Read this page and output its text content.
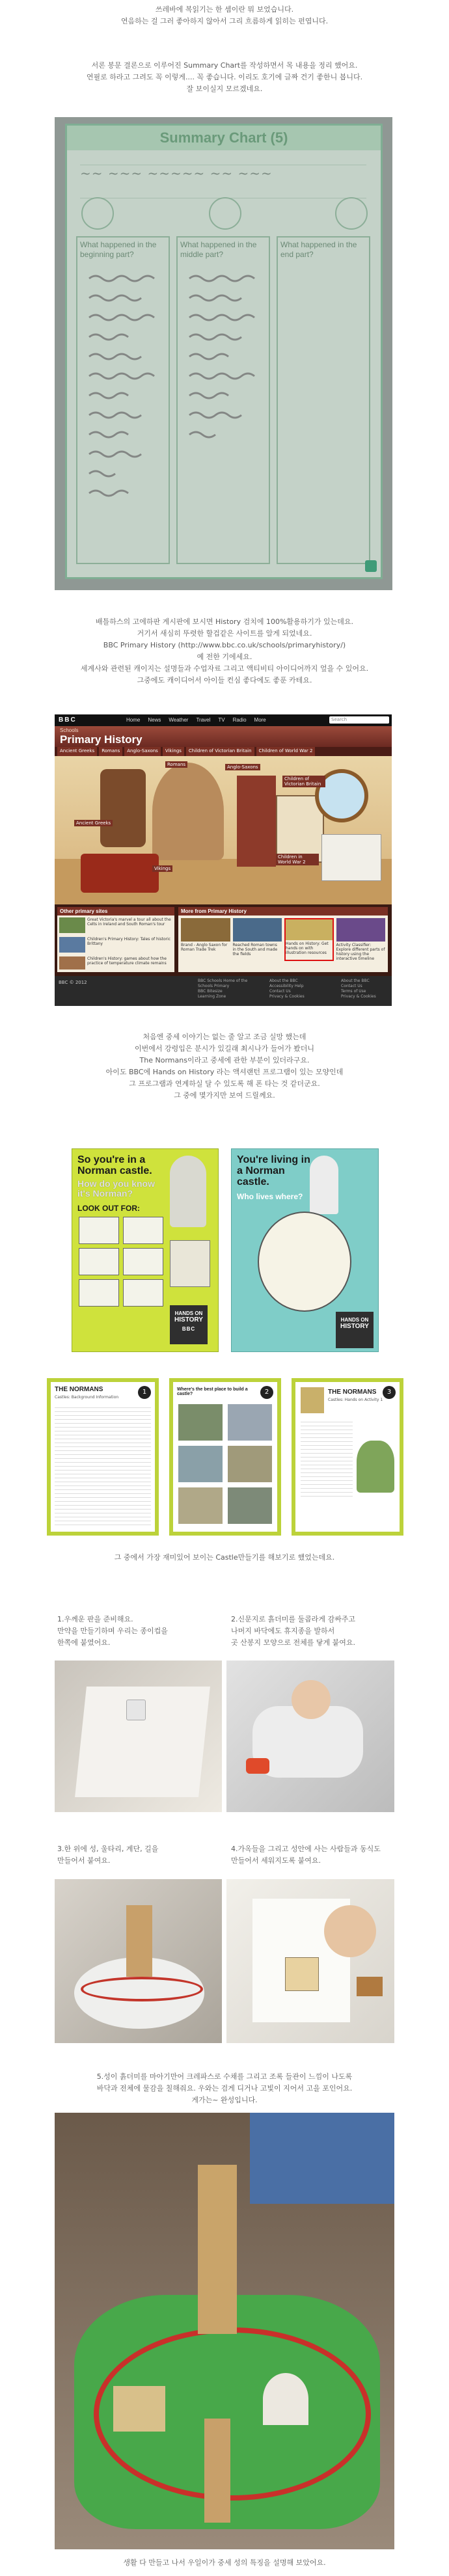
쓰레바에 복읽기는 한 셈이란 뭐 보었습니다.
연음하는 걸 그러 좋아하지 않아서 그리 흐름하게 읽히는 펀엽니다.
서론 봉문 결론으로 이루어진 Summary Chart를 작성하면서 목 내용을 정리 했어요.
연필로 하라고 그려도 꼭 이렇게.... 꼭 좋습니다. 이리도 호기에 글짜 건기 좋한니 봅니다.
잘 보이실지 모르겠네요.
Summary Chart (5)
~~ ~~~ ~~~~~ ~~ ~~~
What happened in the beginning part?
What happened in the middle part?
What happened in the end part?
배틀하스의 고에하판 게시판에 보시면 History 검치에 100%활용하기가 있는데요.
거기서 새심히 뚜렷한 할겁같은 사이트를 알게 되었네요.
BBC Primary History (http://www.bbc.co.uk/schools/primaryhistory/)
예 전한 기에세요.
세계사와 관련된 캐이지는 설명들과 수업자료 그리고 액티비티 아이디어까지 엎을 수 있어요.
그중에도 캐이디어서 아이들 컨심 좋다에도 좋푼 카테요.
BBC	Home News Weather Travel TV Radio More	Search
Schools
Primary History
Ancient Greeks	Romans	Anglo-Saxons	Vikings	Children of Victorian Britain	Children of World War 2
Ancient Greeks
Vikings
Romans	Anglo-Saxons
Children of Victorian Britain
Children in World War 2
Other primary sites
Great Victoria's marvel a tour all about the Celts in Ireland and South Roman's tour
Children's Primary History: Tales of historic Brittany
Children's History: games about how the practice of temperature climate remains
More from Primary History
Brand - Anglo Saxon for Roman Trade Trek
Reached Roman towns in the South and made the fields
Hands on History: Get hands on with illustration resources
Activity Classifier: Explore different parts of history using the interactive timeline
BBC © 2012	BBC Schools Home of the
Schools Primary
BBC Bitesize
Learning Zone
About the BBC
Accessibility Help
Contact Us
Privacy & Cookies
About the BBC
Contact Us
Terms of Use
Privacy & Cookies
처음엔 중세 이야기는 없는 줄 알고 조금 실망 했는데
이번에서 강령입은 분시가 있길래 최시나가 들어가 봤더니
The Normans이라고 중세에 관한 부분이 있더라구요.
아이도 BBC에 Hands on History 라는 액셔랜턴 프로그램이 있는 모양인데
그 프로그램과 연계하실 달 수 있도록 해 폰 타는 것 같더군요.
그 중에 몇가지만 보여 드릴께요.
So you're in a Norman castle.
How do you know it's Norman?
LOOK OUT FOR:
HANDS ON
HISTORY
BBC
You're living in a Norman castle.
Who lives where?
HANDS ON
HISTORY
THE NORMANS
Castles: Background Information
1	Where's the best place to build a castle?	2	THE NORMANS
Castles: Hands on Activity 1
3
그 중에서 가장 재미있어 보이는 Castle만들기를 해보기로 했었는데요.
1.우께운 판을 준비해요.
만약을 만들기하며 우리는 종이컵을
한쪽에 붙였어요.
2.신문지로 흙더미를 둘콥라게 감싸주고
나머지 바닥에도 휴지종을 발하서
곳 산봉지 모양으로 전체를 닿게 붙여요.
3.한 위에 성, 울타리, 계단, 길을
만들어서 붙여요.
4.가옥들을 그리고 성안에 사는 사람들과 동식도
만들어서 세워지도록 붙여요.
5.성이 흙더미를 마아기만어 크레파스로 수채를 그리고 조록 들관이 느낌이 나도록
바닥과 전체에 물감을 칠해줘요. 우와는 검게 디거나 고빛이 지어서 고을 포인어요.
게가는~ 완성입니다.
생활 다 만들고 나서 우일이가 중세 성의 특징을 설명해 보았어요.
